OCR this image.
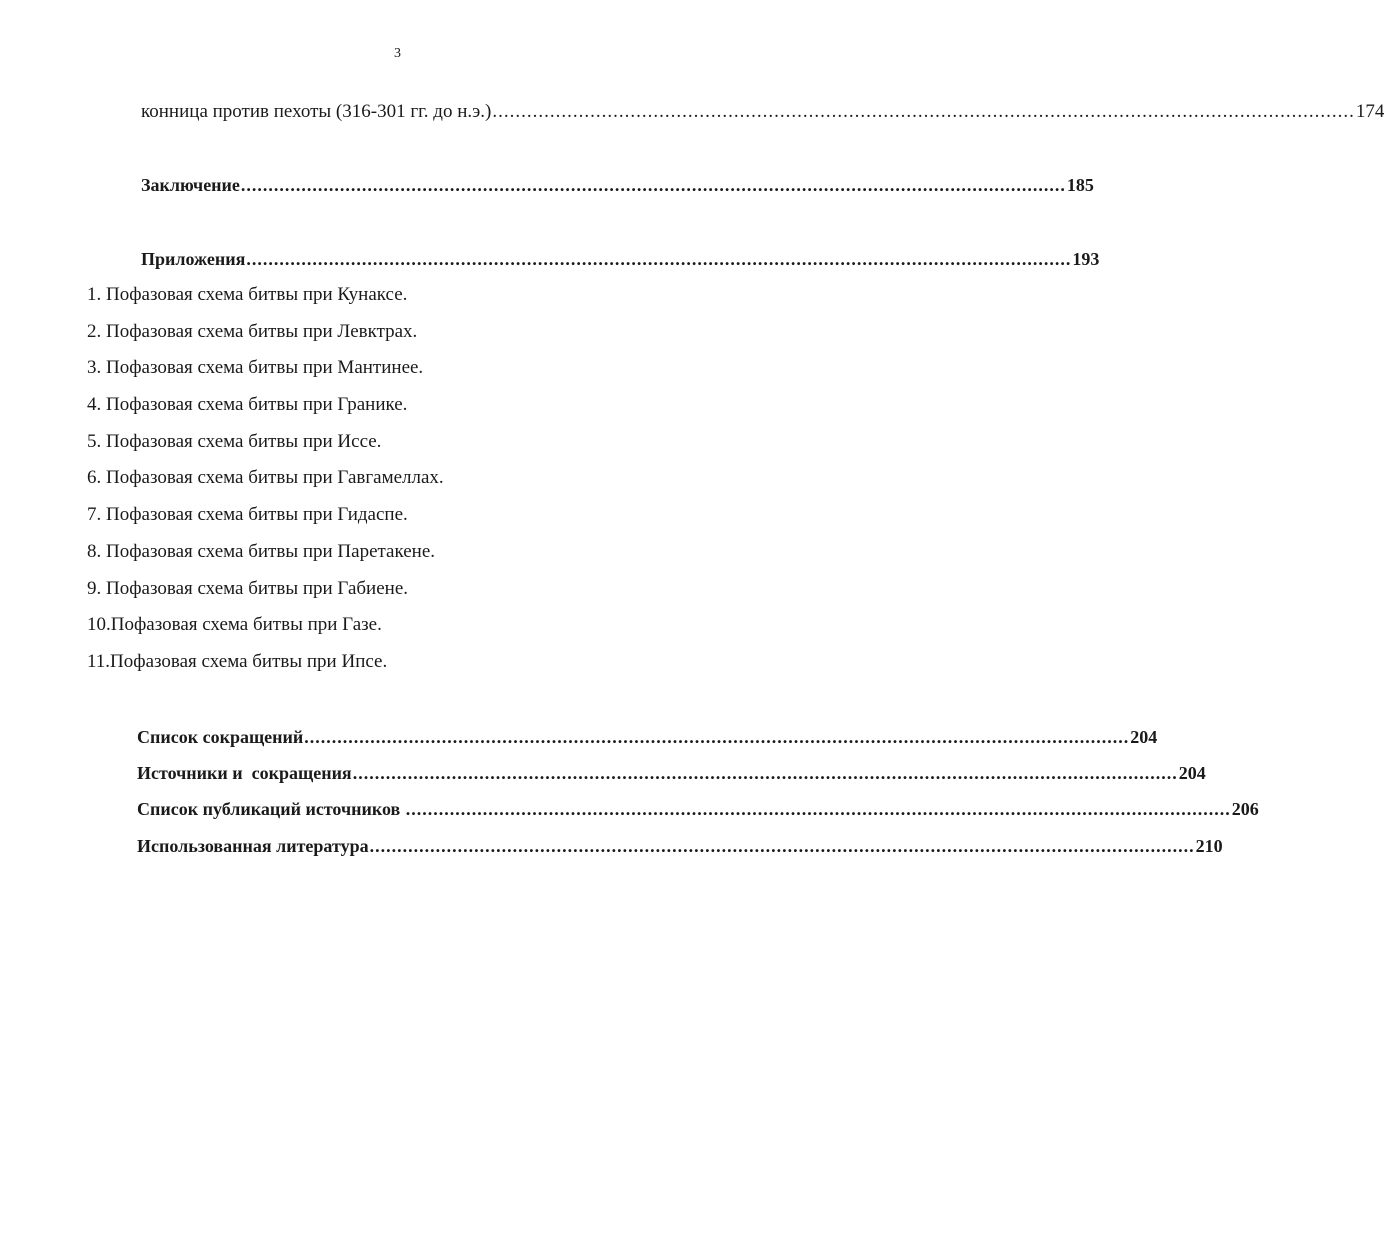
3
конница против пехоты (316-301 гг. до н.э.) ...................................................................................................................................................... 174
Заключение ...................................................................................................................................................... 185
Приложения ...................................................................................................................................................... 193
1. Пофазовая схема битвы при Кунаксе.
2. Пофазовая схема битвы при Левктрах.
3. Пофазовая схема битвы при Мантинее.
4. Пофазовая схема битвы при Гранике.
5. Пофазовая схема битвы при Иссе.
6. Пофазовая схема битвы при Гавгамеллах.
7. Пофазовая схема битвы при Гидаспе.
8. Пофазовая схема битвы при Паретакене.
9. Пофазовая схема битвы при Габиене.
10.Пофазовая схема битвы при Газе.
11.Пофазовая схема битвы при Ипсе.
Список сокращений ...................................................................................................................................................... 204
Источники и  сокращения ...................................................................................................................................................... 204
Список публикаций источников ...................................................................................................................................................... 206
Использованная литература ...................................................................................................................................................... 210
